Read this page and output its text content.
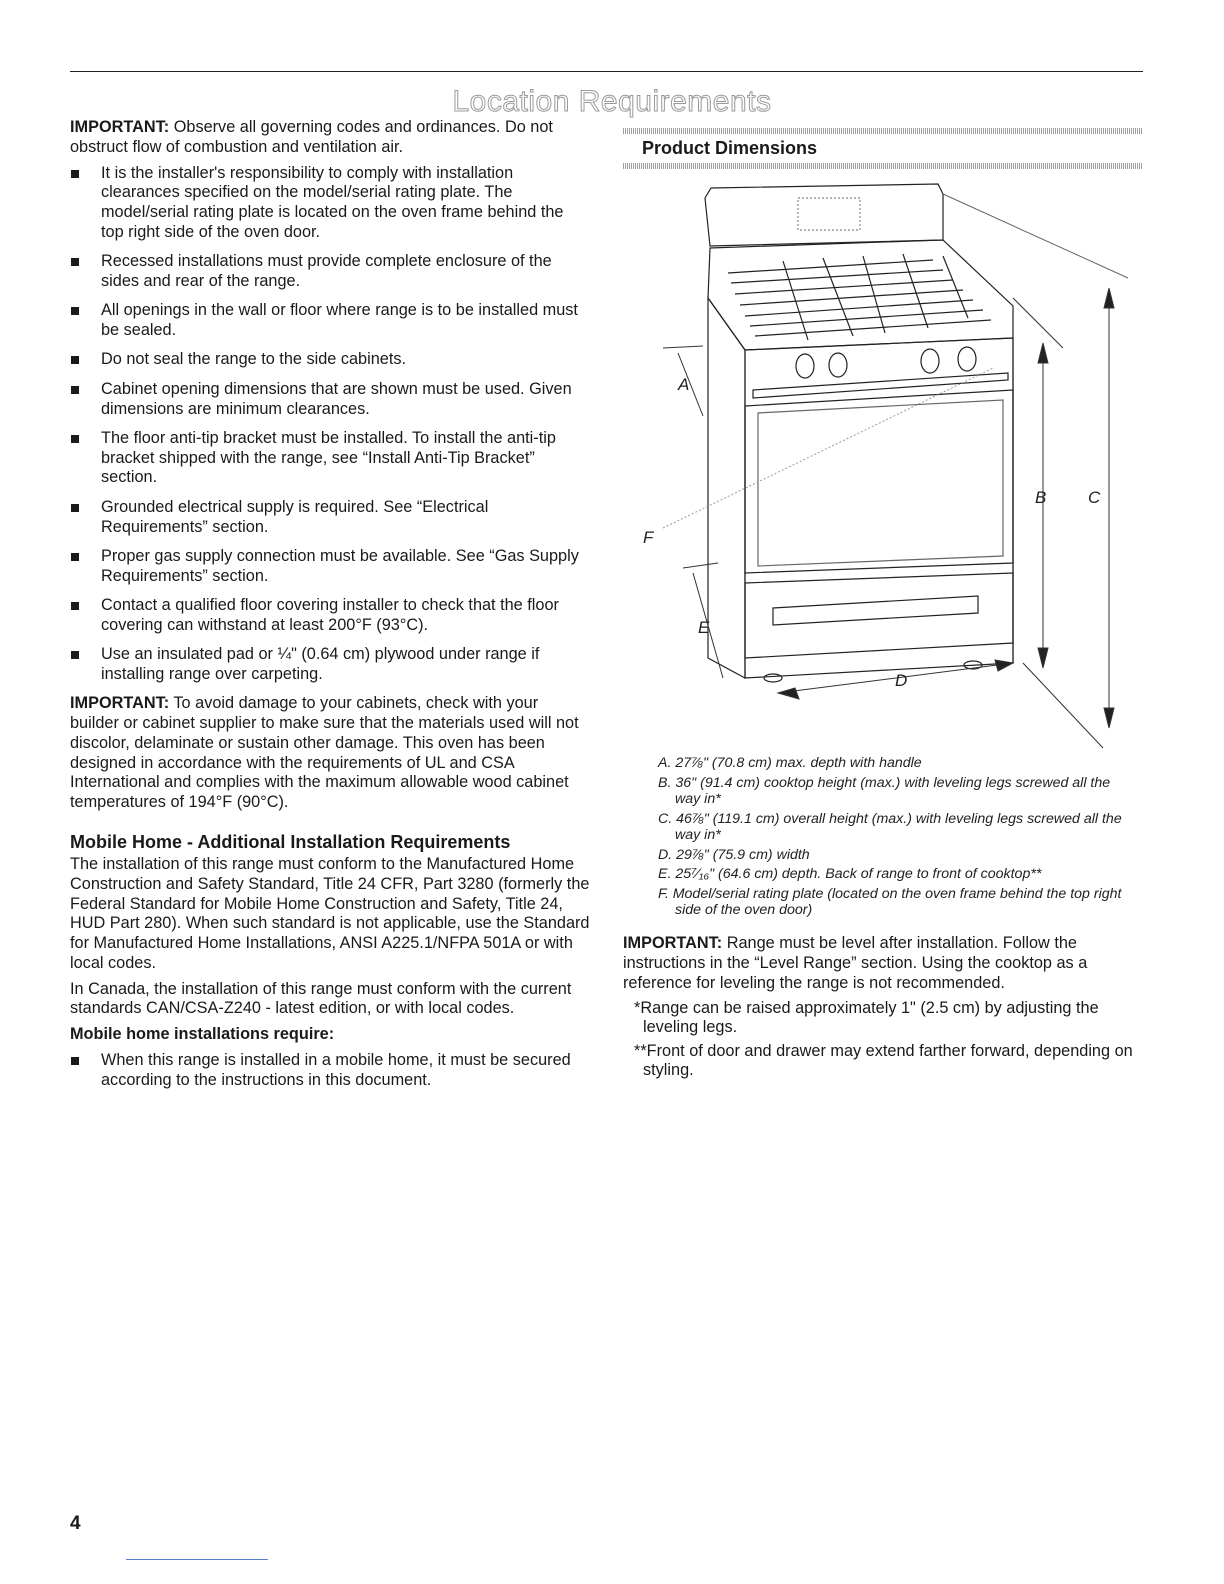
Location Requirements

IMPORTANT: Observe all governing codes and ordinances. Do not obstruct flow of combustion and ventilation air.

It is the installer's responsibility to comply with installation clearances specified on the model/serial rating plate. The model/serial rating plate is located on the oven frame behind the top right side of the oven door.
Recessed installations must provide complete enclosure of the sides and rear of the range.
All openings in the wall or floor where range is to be installed must be sealed.
Do not seal the range to the side cabinets.
Cabinet opening dimensions that are shown must be used. Given dimensions are minimum clearances.
The floor anti-tip bracket must be installed. To install the anti-tip bracket shipped with the range, see “Install Anti-Tip Bracket” section.
Grounded electrical supply is required. See “Electrical Requirements” section.
Proper gas supply connection must be available. See “Gas Supply Requirements” section.
Contact a qualified floor covering installer to check that the floor covering can withstand at least 200°F (93°C).
Use an insulated pad or ¼" (0.64 cm) plywood under range if installing range over carpeting.

IMPORTANT: To avoid damage to your cabinets, check with your builder or cabinet supplier to make sure that the materials used will not discolor, delaminate or sustain other damage. This oven has been designed in accordance with the requirements of UL and CSA International and complies with the maximum allowable wood cabinet temperatures of 194°F (90°C).

Mobile Home - Additional Installation Requirements

The installation of this range must conform to the Manufactured Home Construction and Safety Standard, Title 24 CFR, Part 3280 (formerly the Federal Standard for Mobile Home Construction and Safety, Title 24, HUD Part 280). When such standard is not applicable, use the Standard for Manufactured Home Installations, ANSI A225.1/NFPA 501A or with local codes.

In Canada, the installation of this range must conform with the current standards CAN/CSA-Z240 - latest edition, or with local codes.

Mobile home installations require:
When this range is installed in a mobile home, it must be secured according to the instructions in this document.
Product Dimensions
A
B C
D
E
F
A. 27⅞" (70.8 cm) max. depth with handle
B. 36" (91.4 cm) cooktop height (max.) with leveling legs screwed all the way in*
C. 46⅞" (119.1 cm) overall height (max.) with leveling legs screwed all the way in*
D. 29⅞" (75.9 cm) width
E. 25⁷⁄₁₆" (64.6 cm) depth. Back of range to front of cooktop**
F. Model/serial rating plate (located on the oven frame behind the top right side of the oven door)

IMPORTANT: Range must be level after installation. Follow the instructions in the “Level Range” section. Using the cooktop as a reference for leveling the range is not recommended.

*Range can be raised approximately 1" (2.5 cm) by adjusting the leveling legs.

**Front of door and drawer may extend farther forward, depending on styling.

4
